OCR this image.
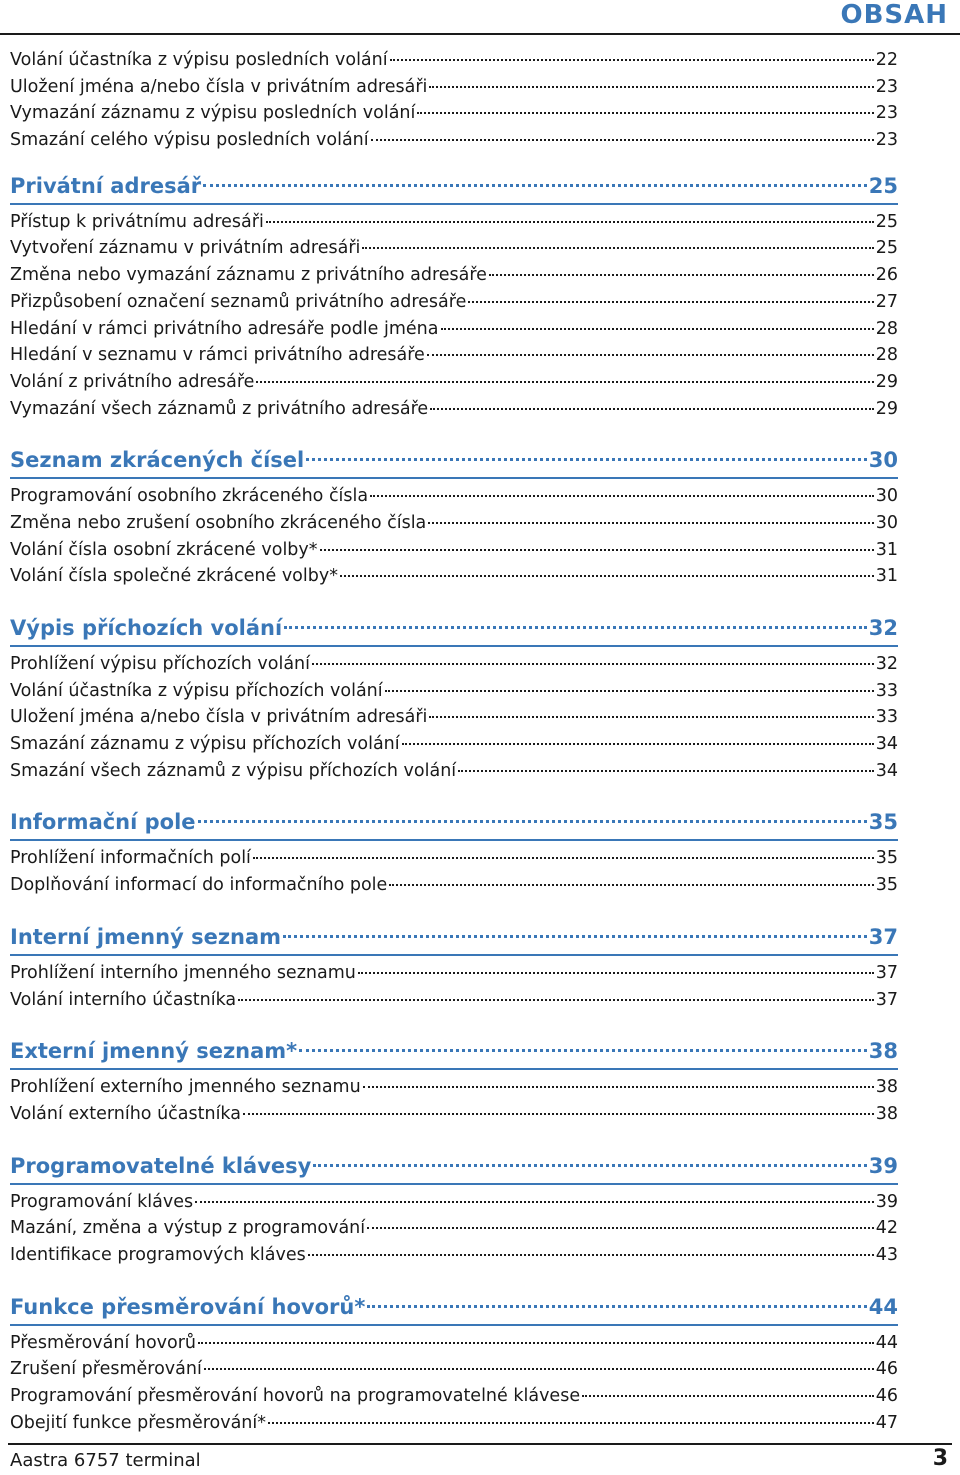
OBSAH
Volání účastníka z výpisu posledních volání	22
Uložení jména a/nebo čísla v privátním adresáři	23
Vymazání záznamu z výpisu posledních volání	23
Smazání celého výpisu posledních volání	23
Privátní adresář	25
Přístup k privátnímu adresáři	25
Vytvoření záznamu v privátním adresáři	25
Změna nebo vymazání záznamu z privátního adresáře	26
Přizpůsobení označení seznamů privátního adresáře	27
Hledání v rámci privátního adresáře podle jména	28
Hledání v seznamu v rámci privátního adresáře	28
Volání z privátního adresáře	29
Vymazání všech záznamů z privátního adresáře	29
Seznam zkrácených čísel	30
Programování osobního zkráceného čísla	30
Změna nebo zrušení osobního zkráceného čísla	30
Volání čísla osobní zkrácené volby*	31
Volání čísla společné zkrácené volby*	31
Výpis příchozích volání	32
Prohlížení výpisu příchozích volání	32
Volání účastníka z výpisu příchozích volání	33
Uložení jména a/nebo čísla v privátním adresáři	33
Smazání záznamu z výpisu příchozích volání	34
Smazání všech záznamů z výpisu příchozích volání	34
Informační pole	35
Prohlížení informačních polí	35
Doplňování informací do informačního pole	35
Interní jmenný seznam	37
Prohlížení interního jmenného seznamu	37
Volání interního účastníka	37
Externí jmenný seznam*	38
Prohlížení externího jmenného seznamu	38
Volání externího účastníka	38
Programovatelné klávesy	39
Programování kláves	39
Mazání, změna a výstup z programování	42
Identifikace programových kláves	43
Funkce přesměrování hovorů*	44
Přesměrování hovorů	44
Zrušení přesměrování	46
Programování přesměrování hovorů na programovatelné klávese	46
Obejití funkce přesměrování*	47
Aastra 6757 terminal	3
